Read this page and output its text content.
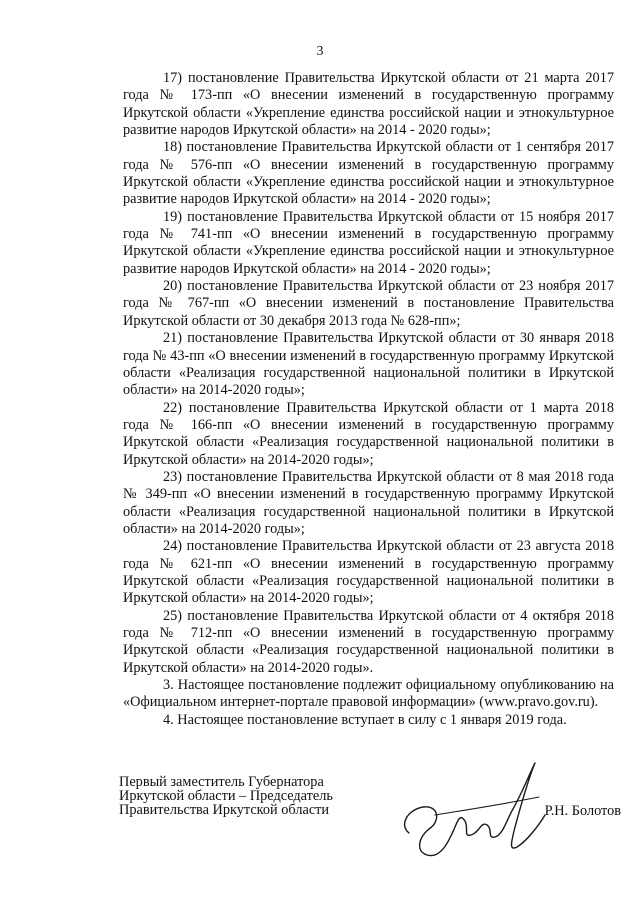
3

17) постановление Правительства Иркутской области от 21 марта 2017 года № 173-пп «О внесении изменений в государственную программу Иркутской области «Укрепление единства российской нации и этнокультурное развитие народов Иркутской области» на 2014 - 2020 годы»;

18) постановление Правительства Иркутской области от 1 сентября 2017 года № 576-пп «О внесении изменений в государственную программу Иркутской области «Укрепление единства российской нации и этнокультурное развитие народов Иркутской области» на 2014 - 2020 годы»;

19) постановление Правительства Иркутской области от 15 ноября 2017 года № 741-пп «О внесении изменений в государственную программу Иркутской области «Укрепление единства российской нации и этнокультурное развитие народов Иркутской области» на 2014 - 2020 годы»;

20) постановление Правительства Иркутской области от 23 ноября 2017 года № 767-пп «О внесении изменений в постановление Правительства Иркутской области от 30 декабря 2013 года № 628-пп»;

21) постановление Правительства Иркутской области от 30 января 2018 года № 43-пп «О внесении изменений в государственную программу Иркутской области «Реализация государственной национальной политики в Иркутской области» на 2014-2020 годы»;

22) постановление Правительства Иркутской области от 1 марта 2018 года № 166-пп «О внесении изменений в государственную программу Иркутской области «Реализация государственной национальной политики в Иркутской области» на 2014-2020 годы»;

23) постановление Правительства Иркутской области от 8 мая 2018 года № 349-пп «О внесении изменений в государственную программу Иркутской области «Реализация государственной национальной политики в Иркутской области» на 2014-2020 годы»;

24) постановление Правительства Иркутской области от 23 августа 2018 года № 621-пп «О внесении изменений в государственную программу Иркутской области «Реализация государственной национальной политики в Иркутской области» на 2014-2020 годы»;

25) постановление Правительства Иркутской области от 4 октября 2018 года № 712-пп «О внесении изменений в государственную программу Иркутской области «Реализация государственной национальной политики в Иркутской области» на 2014-2020 годы».

3. Настоящее постановление подлежит официальному опубликованию на «Официальном интернет-портале правовой информации» (www.pravo.gov.ru).

4. Настоящее постановление вступает в силу с 1 января 2019 года.

Первый заместитель Губернатора
Иркутской области – Председатель
Правительства Иркутской области	Р.Н. Болотов
